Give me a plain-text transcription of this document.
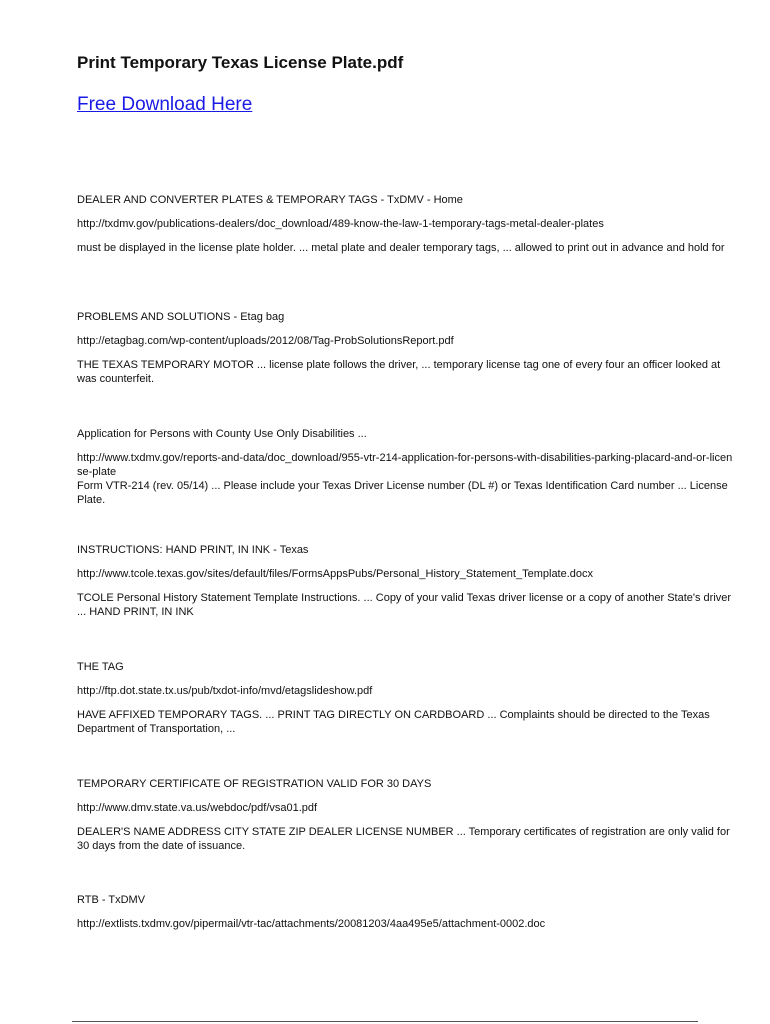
Print Temporary Texas License Plate.pdf
Free Download Here
DEALER AND CONVERTER PLATES & TEMPORARY TAGS - TxDMV - Home
http://txdmv.gov/publications-dealers/doc_download/489-know-the-law-1-temporary-tags-metal-dealer-plates
must be displayed in the license plate holder. ... metal plate and dealer temporary tags, ... allowed to print out in advance and hold for
PROBLEMS AND SOLUTIONS - Etag bag
http://etagbag.com/wp-content/uploads/2012/08/Tag-ProbSolutionsReport.pdf
THE TEXAS TEMPORARY MOTOR ... license plate follows the driver, ... temporary license tag one of every four an officer looked at was counterfeit.
Application for Persons with County Use Only Disabilities ...
http://www.txdmv.gov/reports-and-data/doc_download/955-vtr-214-application-for-persons-with-disabilities-parking-placard-and-or-license-plate
Form VTR-214 (rev. 05/14) ... Please include your Texas Driver License number (DL #) or Texas Identification Card number ... License Plate.
INSTRUCTIONS: HAND PRINT, IN INK - Texas
http://www.tcole.texas.gov/sites/default/files/FormsAppsPubs/Personal_History_Statement_Template.docx
TCOLE Personal History Statement Template Instructions. ... Copy of your valid Texas driver license or a copy of another State's driver ... HAND PRINT, IN INK
THE TAG
http://ftp.dot.state.tx.us/pub/txdot-info/mvd/etagslideshow.pdf
HAVE AFFIXED TEMPORARY TAGS. ... PRINT TAG DIRECTLY ON CARDBOARD ... Complaints should be directed to the Texas Department of Transportation, ...
TEMPORARY CERTIFICATE OF REGISTRATION VALID FOR 30 DAYS
http://www.dmv.state.va.us/webdoc/pdf/vsa01.pdf
DEALER'S NAME ADDRESS CITY STATE ZIP DEALER LICENSE NUMBER ... Temporary certificates of registration are only valid for 30 days from the date of issuance.
RTB - TxDMV
http://extlists.txdmv.gov/pipermail/vtr-tac/attachments/20081203/4aa495e5/attachment-0002.doc
